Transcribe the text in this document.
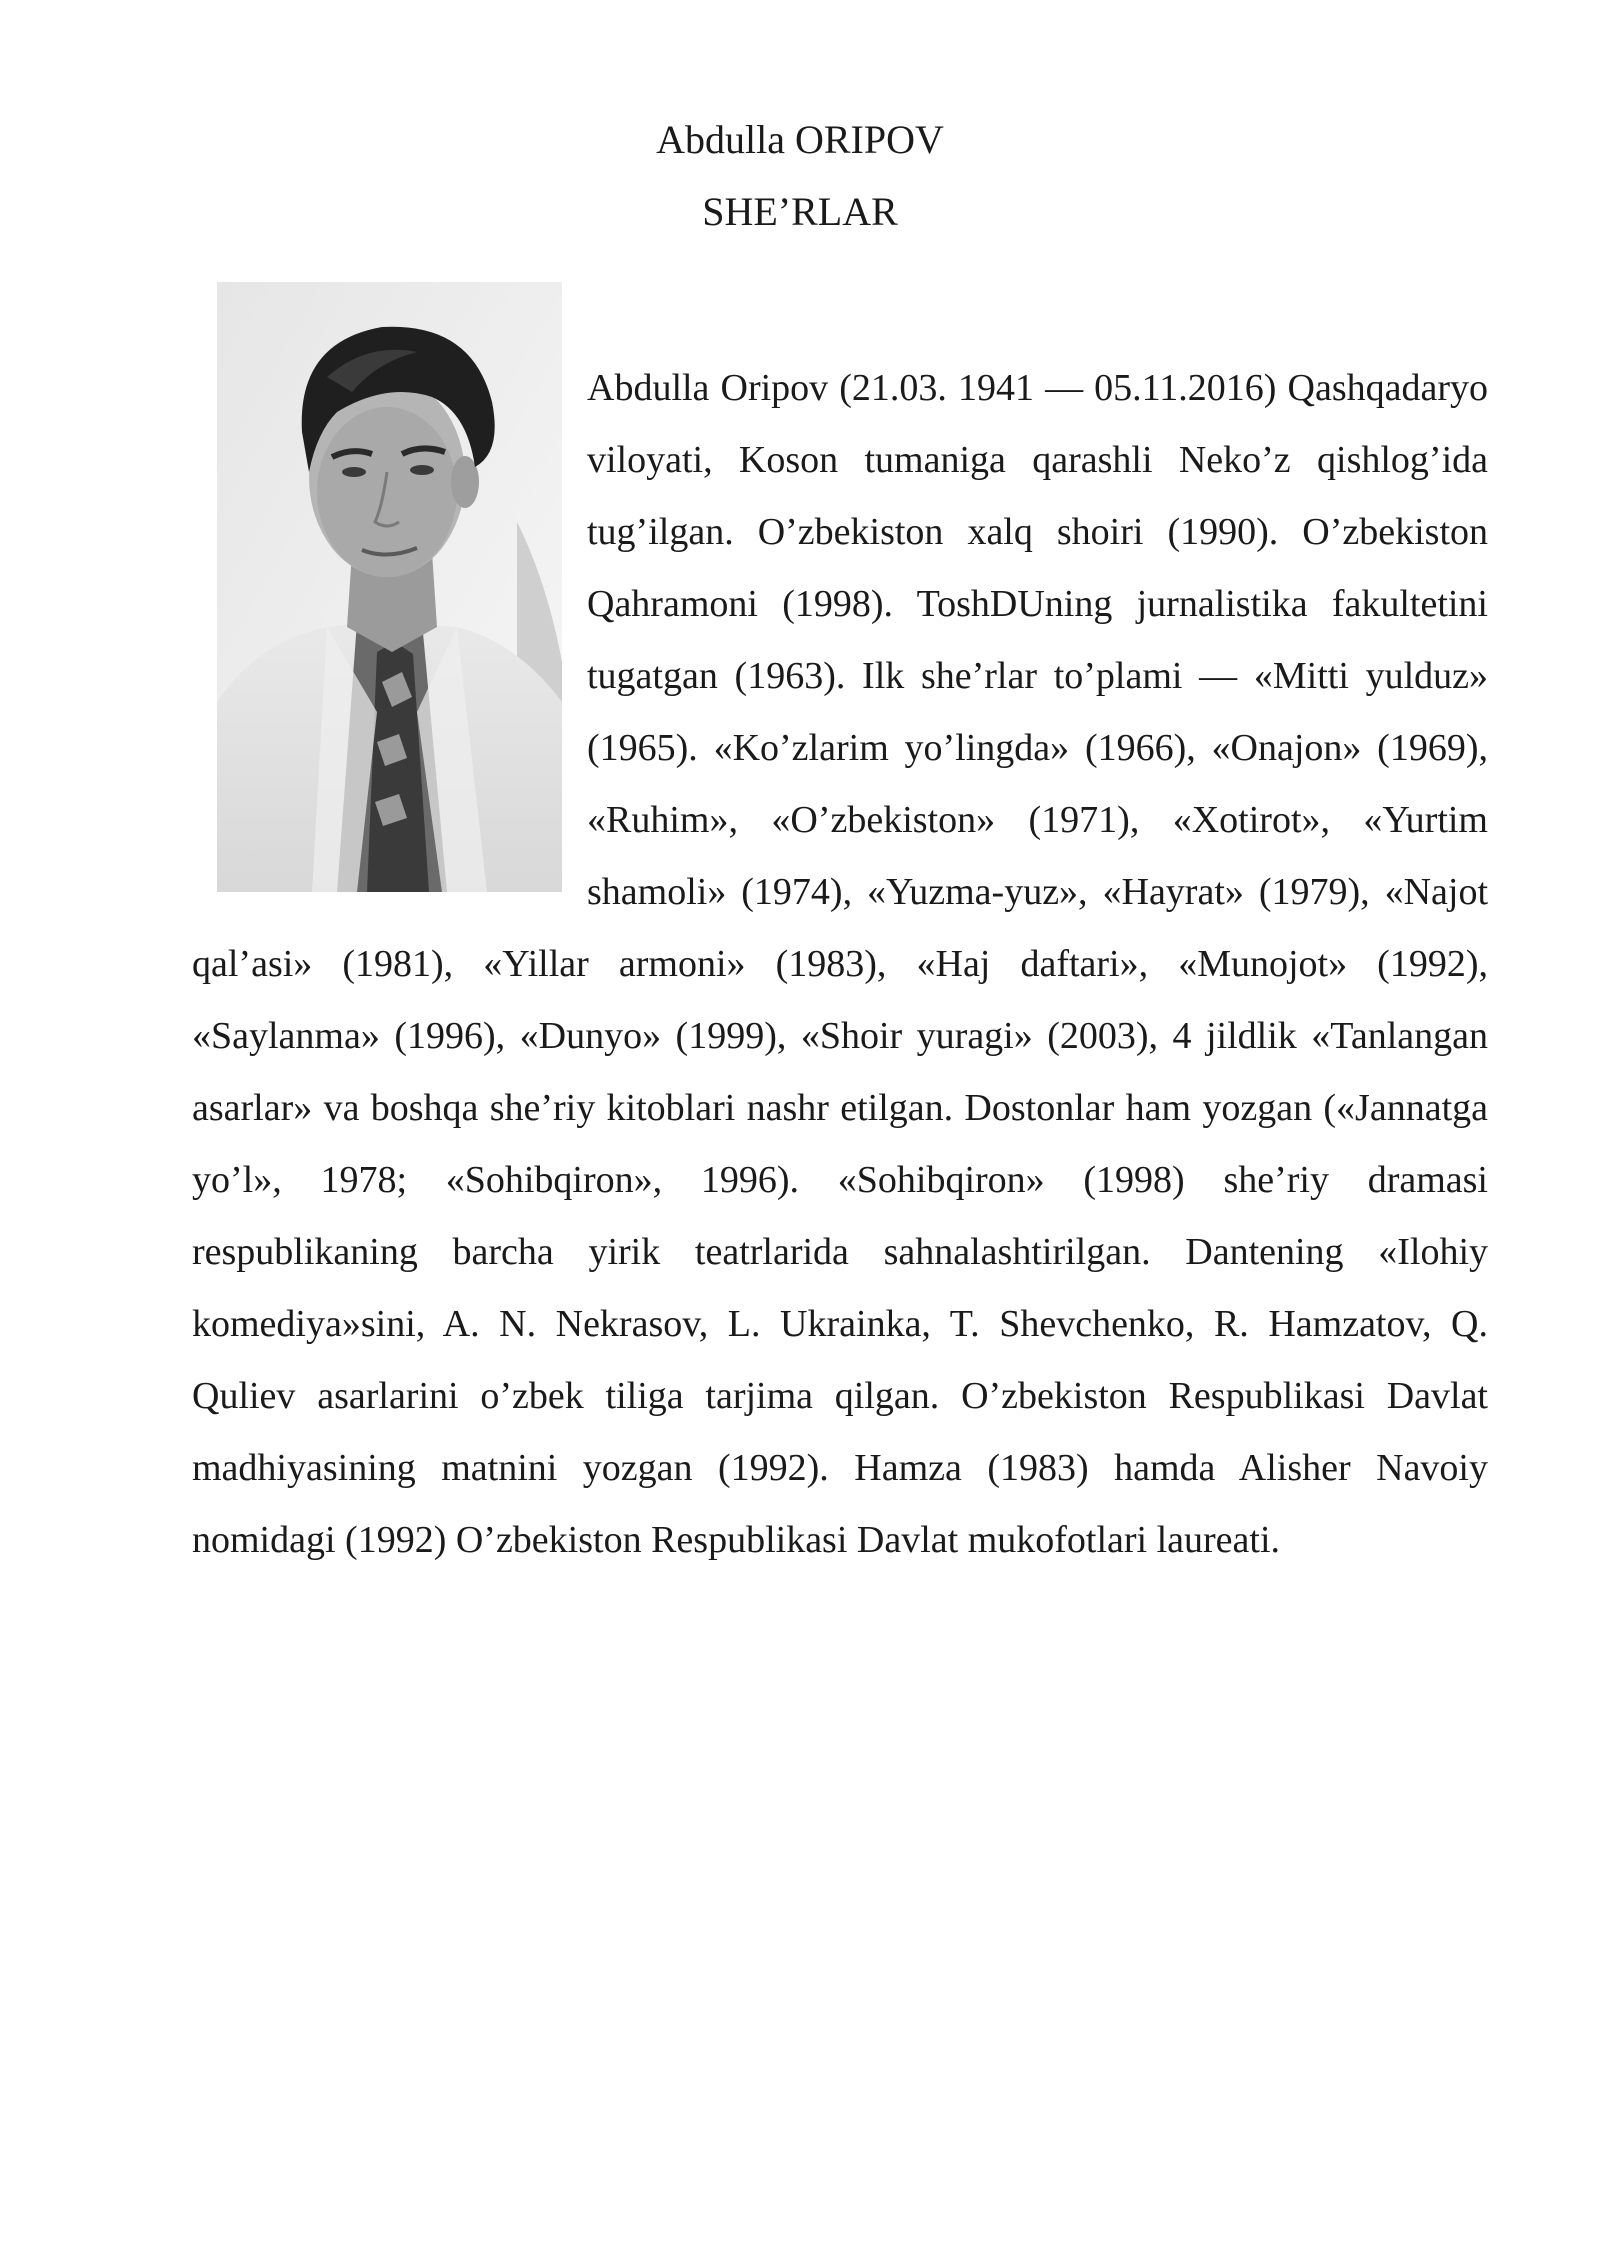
Abdulla ORIPOV
SHE’RLAR
Abdulla Oripov (21.03. 1941 — 05.11.2016) Qashqadaryo viloyati, Koson tumaniga qarashli Neko’z qishlog’ida tug’ilgan. O’zbekiston xalq shoiri (1990). O’zbekiston Qahramoni (1998). ToshDUning jurnalistika fakultetini tugatgan (1963). Ilk she’rlar to’plami — «Mitti yulduz» (1965). «Ko’zlarim yo’lingda» (1966), «Onajon» (1969), «Ruhim», «O’zbekiston» (1971), «Xotirot», «Yurtim shamoli» (1974), «Yuzma-yuz», «Hayrat» (1979), «Najot qal’asi» (1981), «Yillar armoni» (1983), «Haj daftari», «Munojot» (1992), «Saylanma» (1996), «Dunyo» (1999), «Shoir yuragi» (2003), 4 jildlik «Tanlangan asarlar» va boshqa she’riy kitoblari nashr etilgan. Dostonlar ham yozgan («Jannatga yo’l», 1978; «Sohibqiron», 1996). «Sohibqiron» (1998) she’riy dramasi respublikaning barcha yirik teatrlarida sahnalashtirilgan. Dantening «Ilohiy komediya»sini, A. N. Nekrasov, L. Ukrainka, T. Shevchenko, R. Hamzatov, Q. Quliev asarlarini o’zbek tiliga tarjima qilgan. O’zbekiston Respublikasi Davlat madhiyasining matnini yozgan (1992). Hamza (1983) hamda Alisher Navoiy nomidagi (1992) O’zbekiston Respublikasi Davlat mukofotlari laureati.
